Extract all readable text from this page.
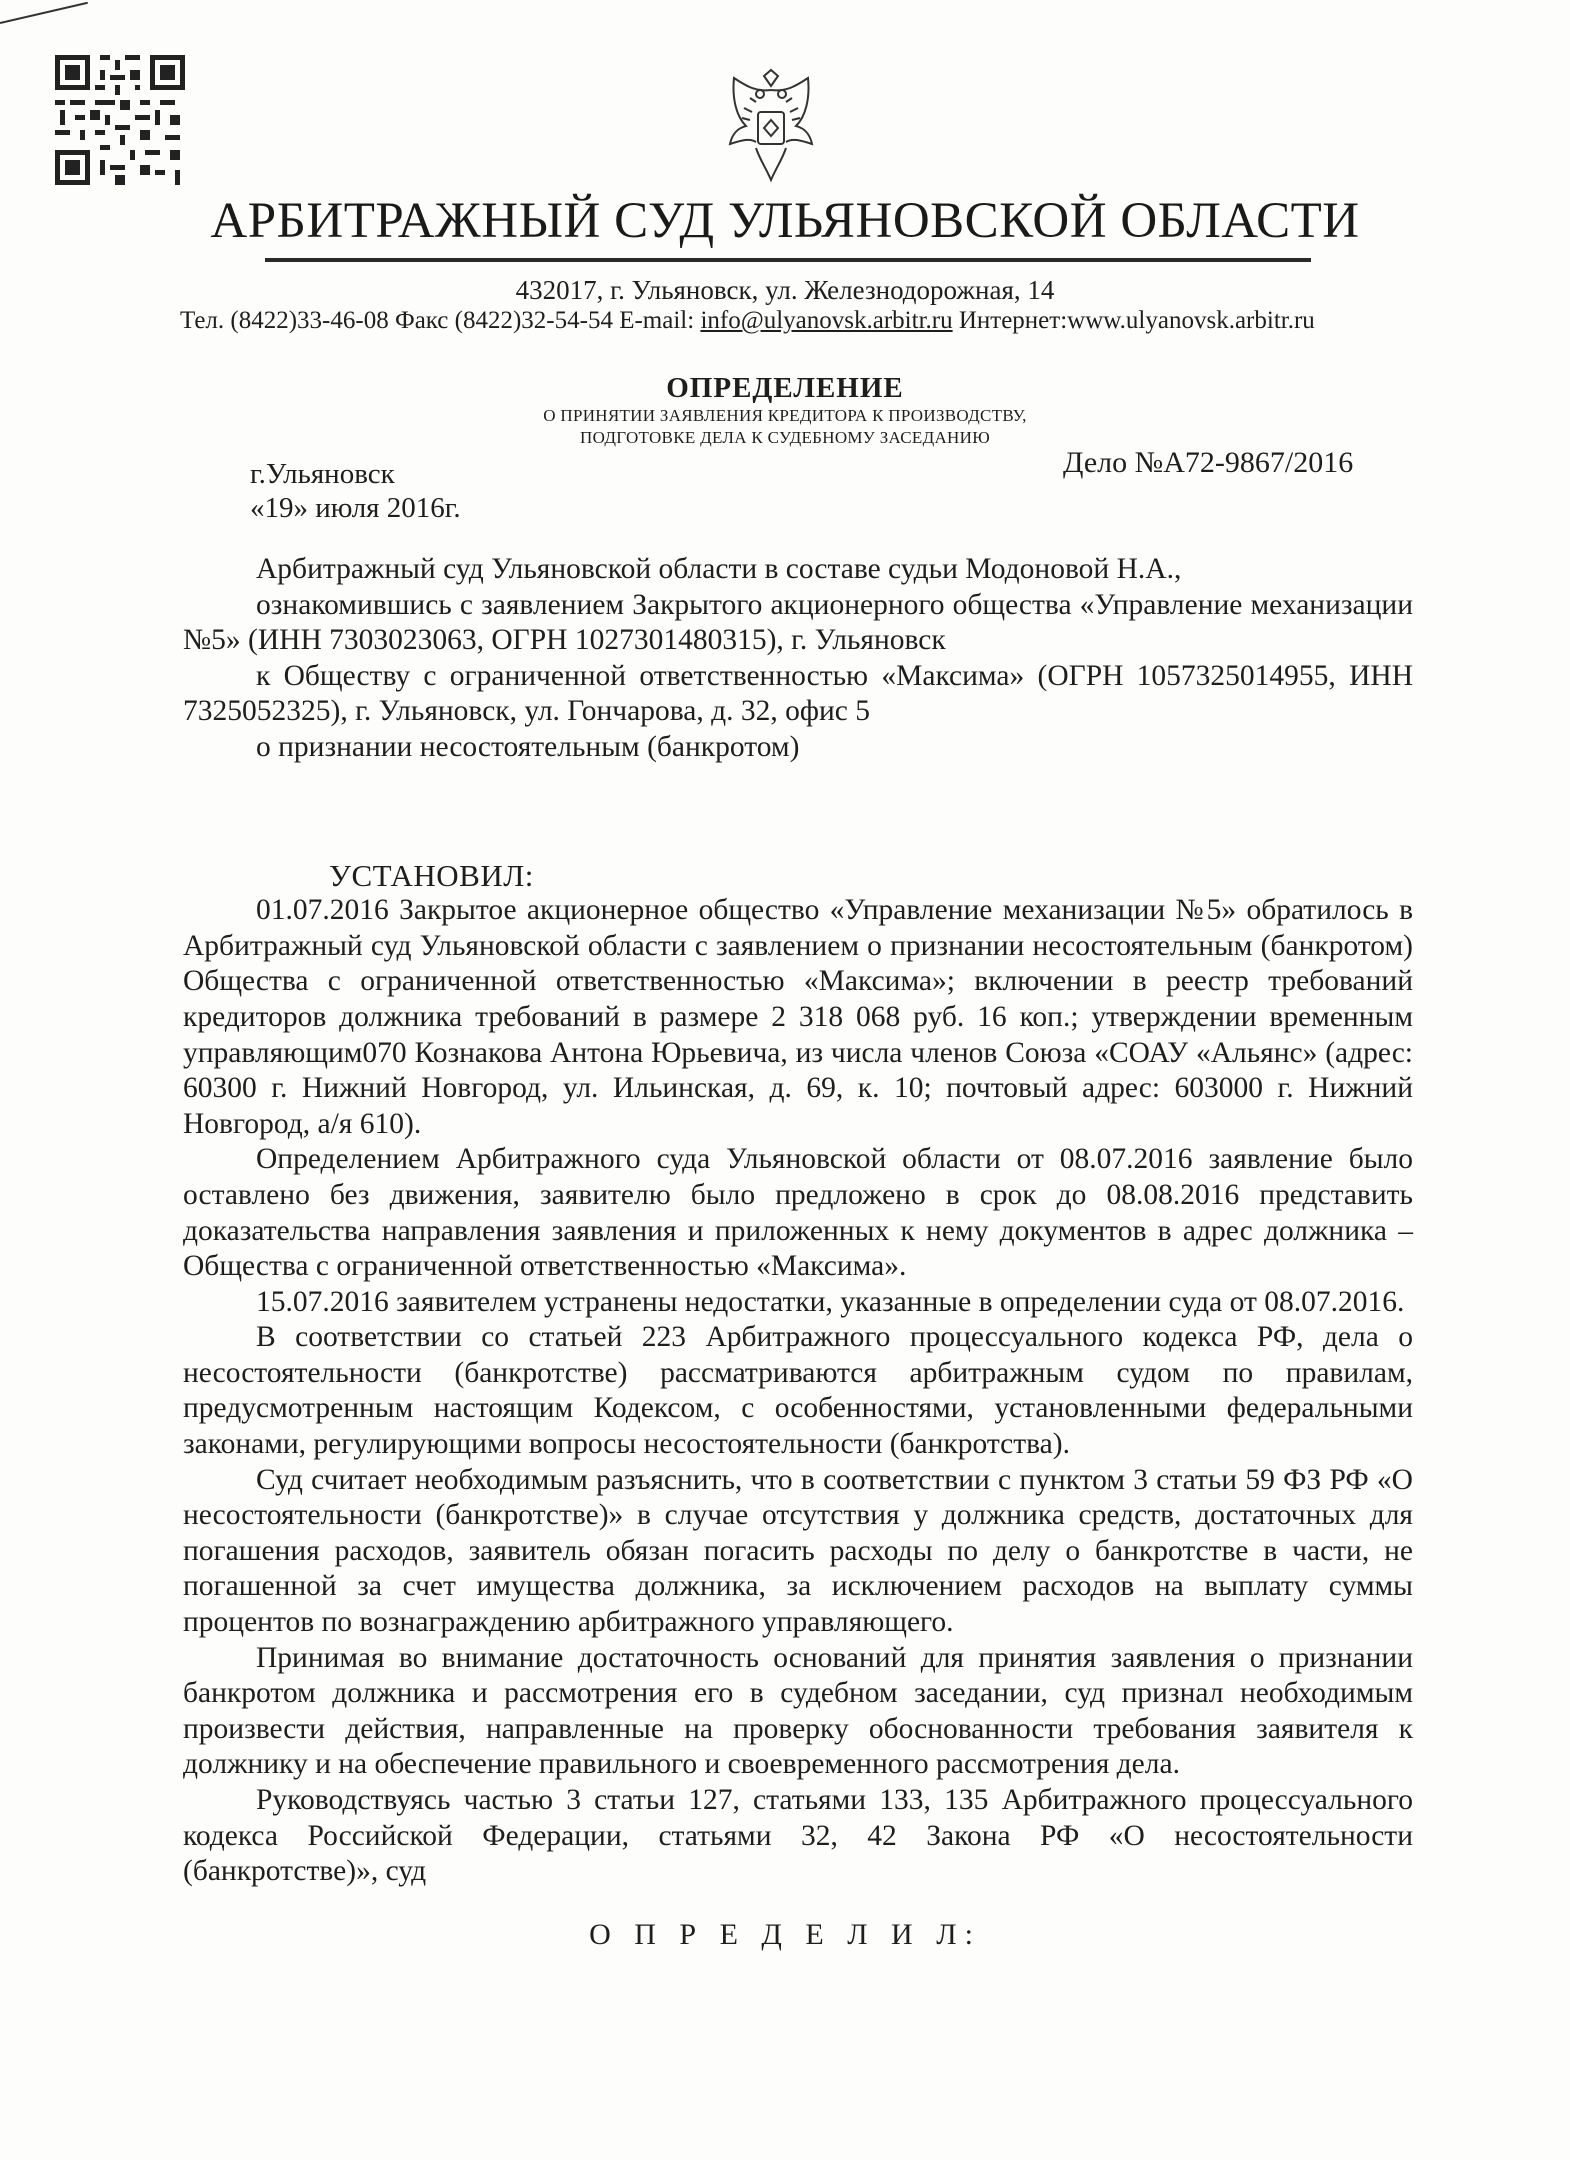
АРБИТРАЖНЫЙ СУД УЛЬЯНОВСКОЙ ОБЛАСТИ
432017, г. Ульяновск, ул. Железнодорожная, 14
Тел. (8422)33-46-08 Факс (8422)32-54-54 E-mail: info@ulyanovsk.arbitr.ru Интернет:www.ulyanovsk.arbitr.ru
ОПРЕДЕЛЕНИЕ
О ПРИНЯТИИ ЗАЯВЛЕНИЯ КРЕДИТОРА К ПРОИЗВОДСТВУ,
ПОДГОТОВКЕ ДЕЛА К СУДЕБНОМУ ЗАСЕДАНИЮ
Дело №А72-9867/2016
г.Ульяновск
«19» июля 2016г.

Арбитражный суд Ульяновской области в составе судьи Модоновой Н.А.,

ознакомившись с заявлением Закрытого акционерного общества «Управление механизации №5» (ИНН 7303023063, ОГРН 1027301480315), г. Ульяновск

к Обществу с ограниченной ответственностью «Максима» (ОГРН 1057325014955, ИНН 7325052325), г. Ульяновск, ул. Гончарова, д. 32, офис 5

о признании несостоятельным (банкротом)

УСТАНОВИЛ:

01.07.2016 Закрытое акционерное общество «Управление механизации №5» обратилось в Арбитражный суд Ульяновской области с заявлением о признании несостоятельным (банкротом) Общества с ограниченной ответственностью «Максима»; включении в реестр требований кредиторов должника требований в размере 2 318 068 руб. 16 коп.; утверждении временным управляющим070 Кознакова Антона Юрьевича, из числа членов Союза «СОАУ «Альянс» (адрес: 60300 г. Нижний Новгород, ул. Ильинская, д. 69, к. 10; почтовый адрес: 603000 г. Нижний Новгород, а/я 610).

Определением Арбитражного суда Ульяновской области от 08.07.2016 заявление было оставлено без движения, заявителю было предложено в срок до 08.08.2016 представить доказательства направления заявления и приложенных к нему документов в адрес должника – Общества с ограниченной ответственностью «Максима».

15.07.2016 заявителем устранены недостатки, указанные в определении суда от 08.07.2016.

В соответствии со статьей 223 Арбитражного процессуального кодекса РФ, дела о несостоятельности (банкротстве) рассматриваются арбитражным судом по правилам, предусмотренным настоящим Кодексом, с особенностями, установленными федеральными законами, регулирующими вопросы несостоятельности (банкротства).

Суд считает необходимым разъяснить, что в соответствии с пунктом 3 статьи 59 ФЗ РФ «О несостоятельности (банкротстве)» в случае отсутствия у должника средств, достаточных для погашения расходов, заявитель обязан погасить расходы по делу о банкротстве в части, не погашенной за счет имущества должника, за исключением расходов на выплату суммы процентов по вознаграждению арбитражного управляющего.

Принимая во внимание достаточность оснований для принятия заявления о признании банкротом должника и рассмотрения его в судебном заседании, суд признал необходимым произвести действия, направленные на проверку обоснованности требования заявителя к должнику и на обеспечение правильного и своевременного рассмотрения дела.

Руководствуясь частью 3 статьи 127, статьями 133, 135 Арбитражного процессуального кодекса Российской Федерации, статьями 32, 42 Закона РФ «О несостоятельности (банкротстве)», суд

О П Р Е Д Е Л И Л:
